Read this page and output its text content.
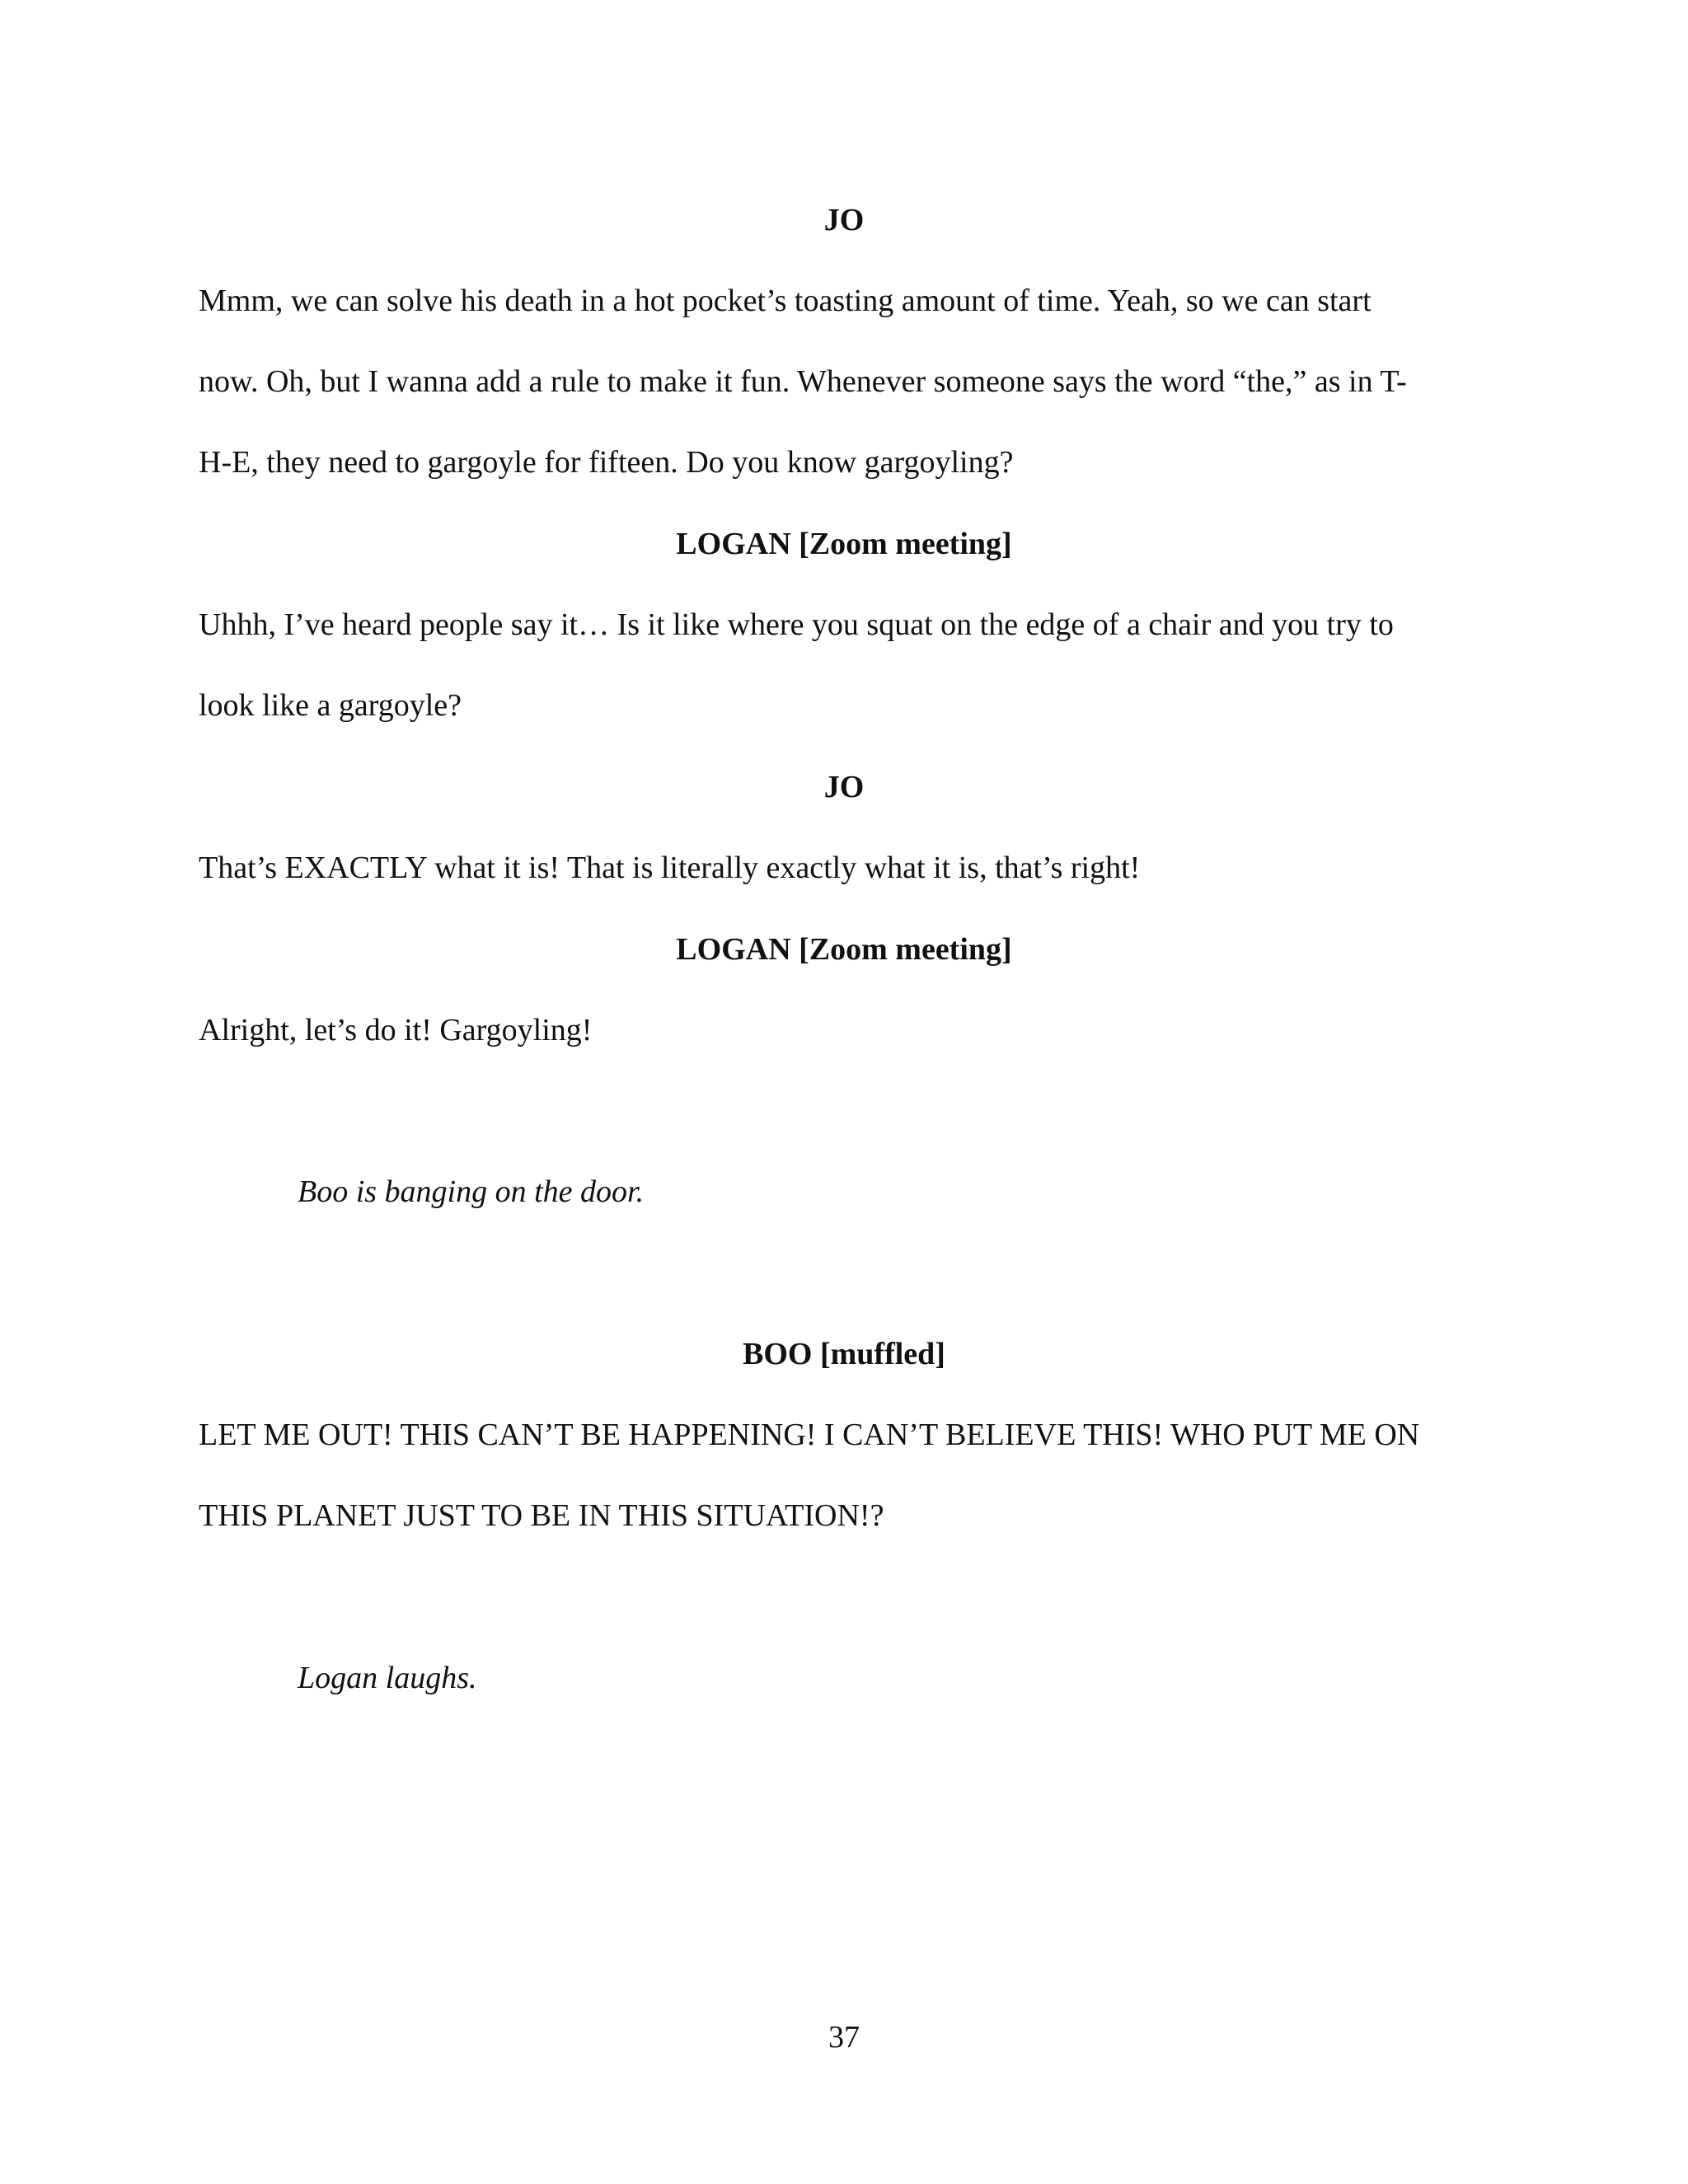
JO
Mmm, we can solve his death in a hot pocket’s toasting amount of time. Yeah, so we can start
now. Oh, but I wanna add a rule to make it fun. Whenever someone says the word “the,” as in T-
H-E, they need to gargoyle for fifteen. Do you know gargoyling?
LOGAN [Zoom meeting]
Uhhh, I’ve heard people say it… Is it like where you squat on the edge of a chair and you try to
look like a gargoyle?
JO
That’s EXACTLY what it is! That is literally exactly what it is, that’s right!
LOGAN [Zoom meeting]
Alright, let’s do it! Gargoyling!
Boo is banging on the door.
BOO [muffled]
LET ME OUT! THIS CAN’T BE HAPPENING! I CAN’T BELIEVE THIS! WHO PUT ME ON
THIS PLANET JUST TO BE IN THIS SITUATION!?
Logan laughs.
37
